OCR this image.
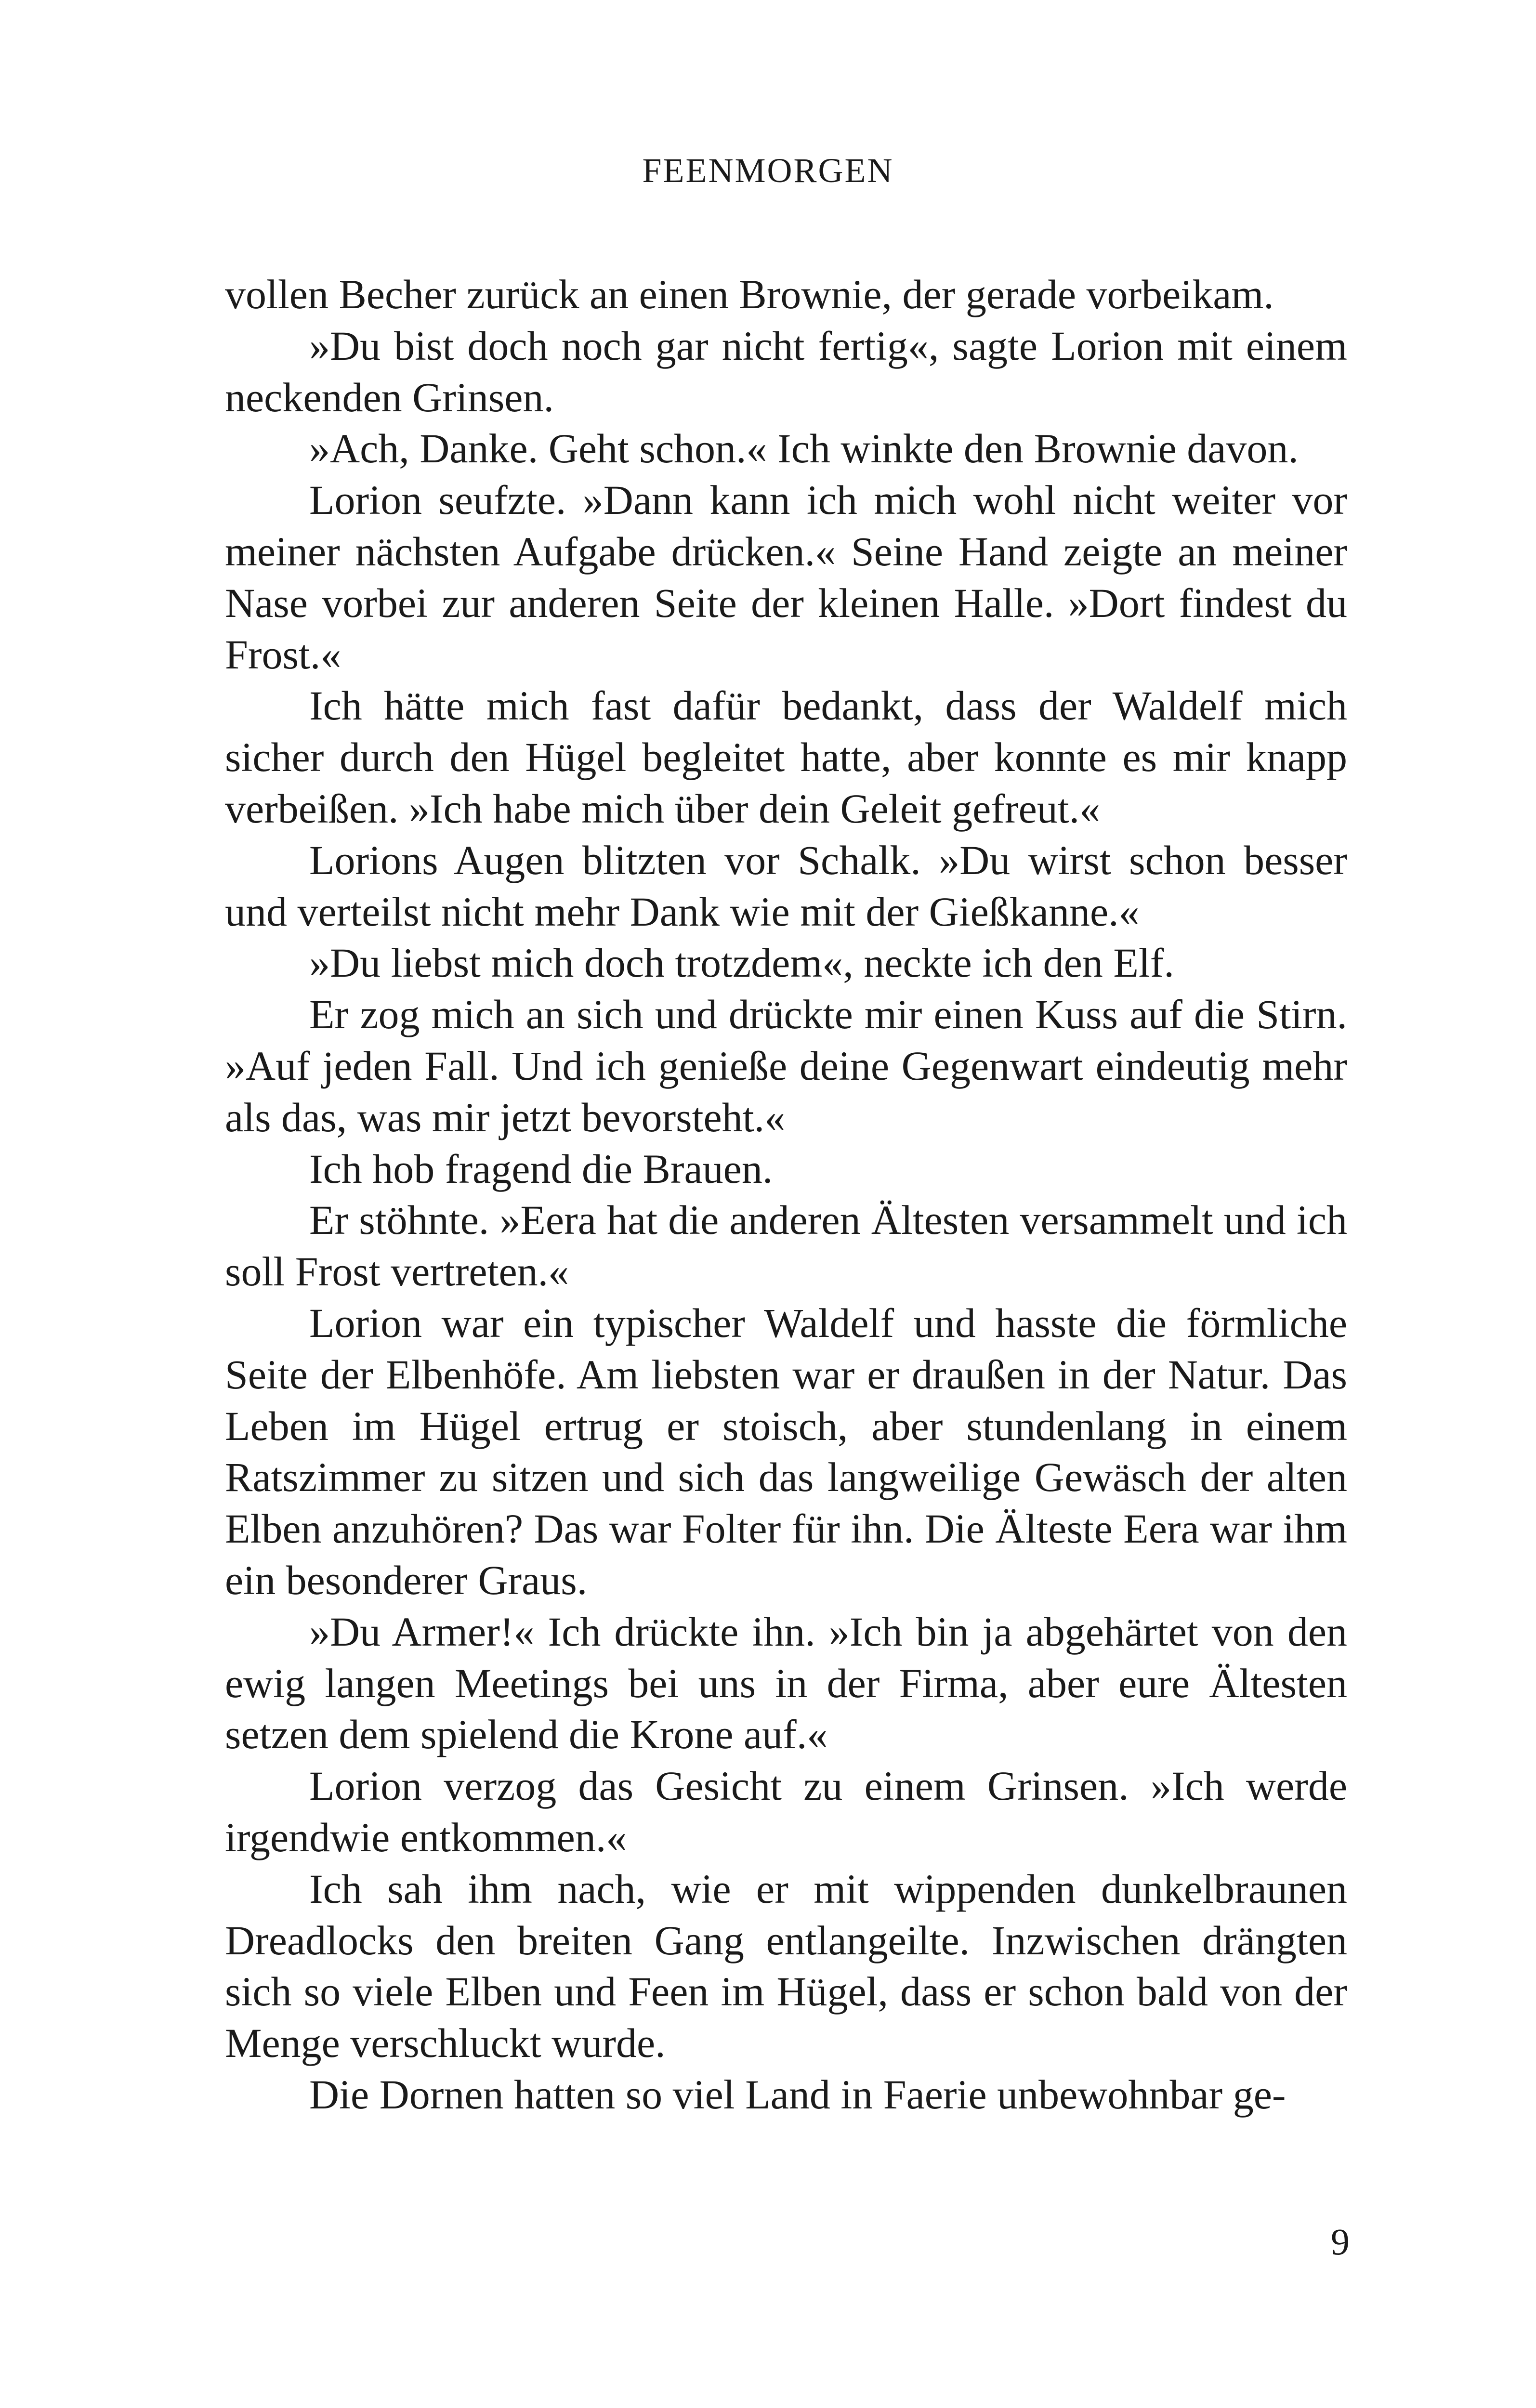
FEENMORGEN

vollen Becher zurück an einen Brownie, der gerade vorbeikam.

»Du bist doch noch gar nicht fertig«, sagte Lorion mit einem neckenden Grinsen.

»Ach, Danke. Geht schon.« Ich winkte den Brownie davon.

Lorion seufzte. »Dann kann ich mich wohl nicht weiter vor meiner nächsten Aufgabe drücken.« Seine Hand zeigte an meiner Nase vorbei zur anderen Seite der kleinen Halle. »Dort findest du Frost.«

Ich hätte mich fast dafür bedankt, dass der Waldelf mich sicher durch den Hügel begleitet hatte, aber konnte es mir knapp verbeißen. »Ich habe mich über dein Geleit gefreut.«

Lorions Augen blitzten vor Schalk. »Du wirst schon besser und verteilst nicht mehr Dank wie mit der Gießkanne.«

»Du liebst mich doch trotzdem«, neckte ich den Elf.

Er zog mich an sich und drückte mir einen Kuss auf die Stirn. »Auf jeden Fall. Und ich genieße deine Gegenwart eindeutig mehr als das, was mir jetzt bevorsteht.«

Ich hob fragend die Brauen.

Er stöhnte. »Eera hat die anderen Ältesten versammelt und ich soll Frost vertreten.«

Lorion war ein typischer Waldelf und hasste die förmliche Seite der Elbenhöfe. Am liebsten war er draußen in der Natur. Das Leben im Hügel ertrug er stoisch, aber stundenlang in einem Ratszimmer zu sitzen und sich das langweilige Gewäsch der alten Elben anzuhören? Das war Folter für ihn. Die Älteste Eera war ihm ein besonderer Graus.

»Du Armer!« Ich drückte ihn. »Ich bin ja abgehärtet von den ewig langen Meetings bei uns in der Firma, aber eure Ältesten setzen dem spielend die Krone auf.«

Lorion verzog das Gesicht zu einem Grinsen. »Ich werde irgendwie entkommen.«

Ich sah ihm nach, wie er mit wippenden dunkelbraunen Dreadlocks den breiten Gang entlangeilte. Inzwischen drängten sich so viele Elben und Feen im Hügel, dass er schon bald von der Menge verschluckt wurde.

Die Dornen hatten so viel Land in Faerie unbewohnbar ge-

9
